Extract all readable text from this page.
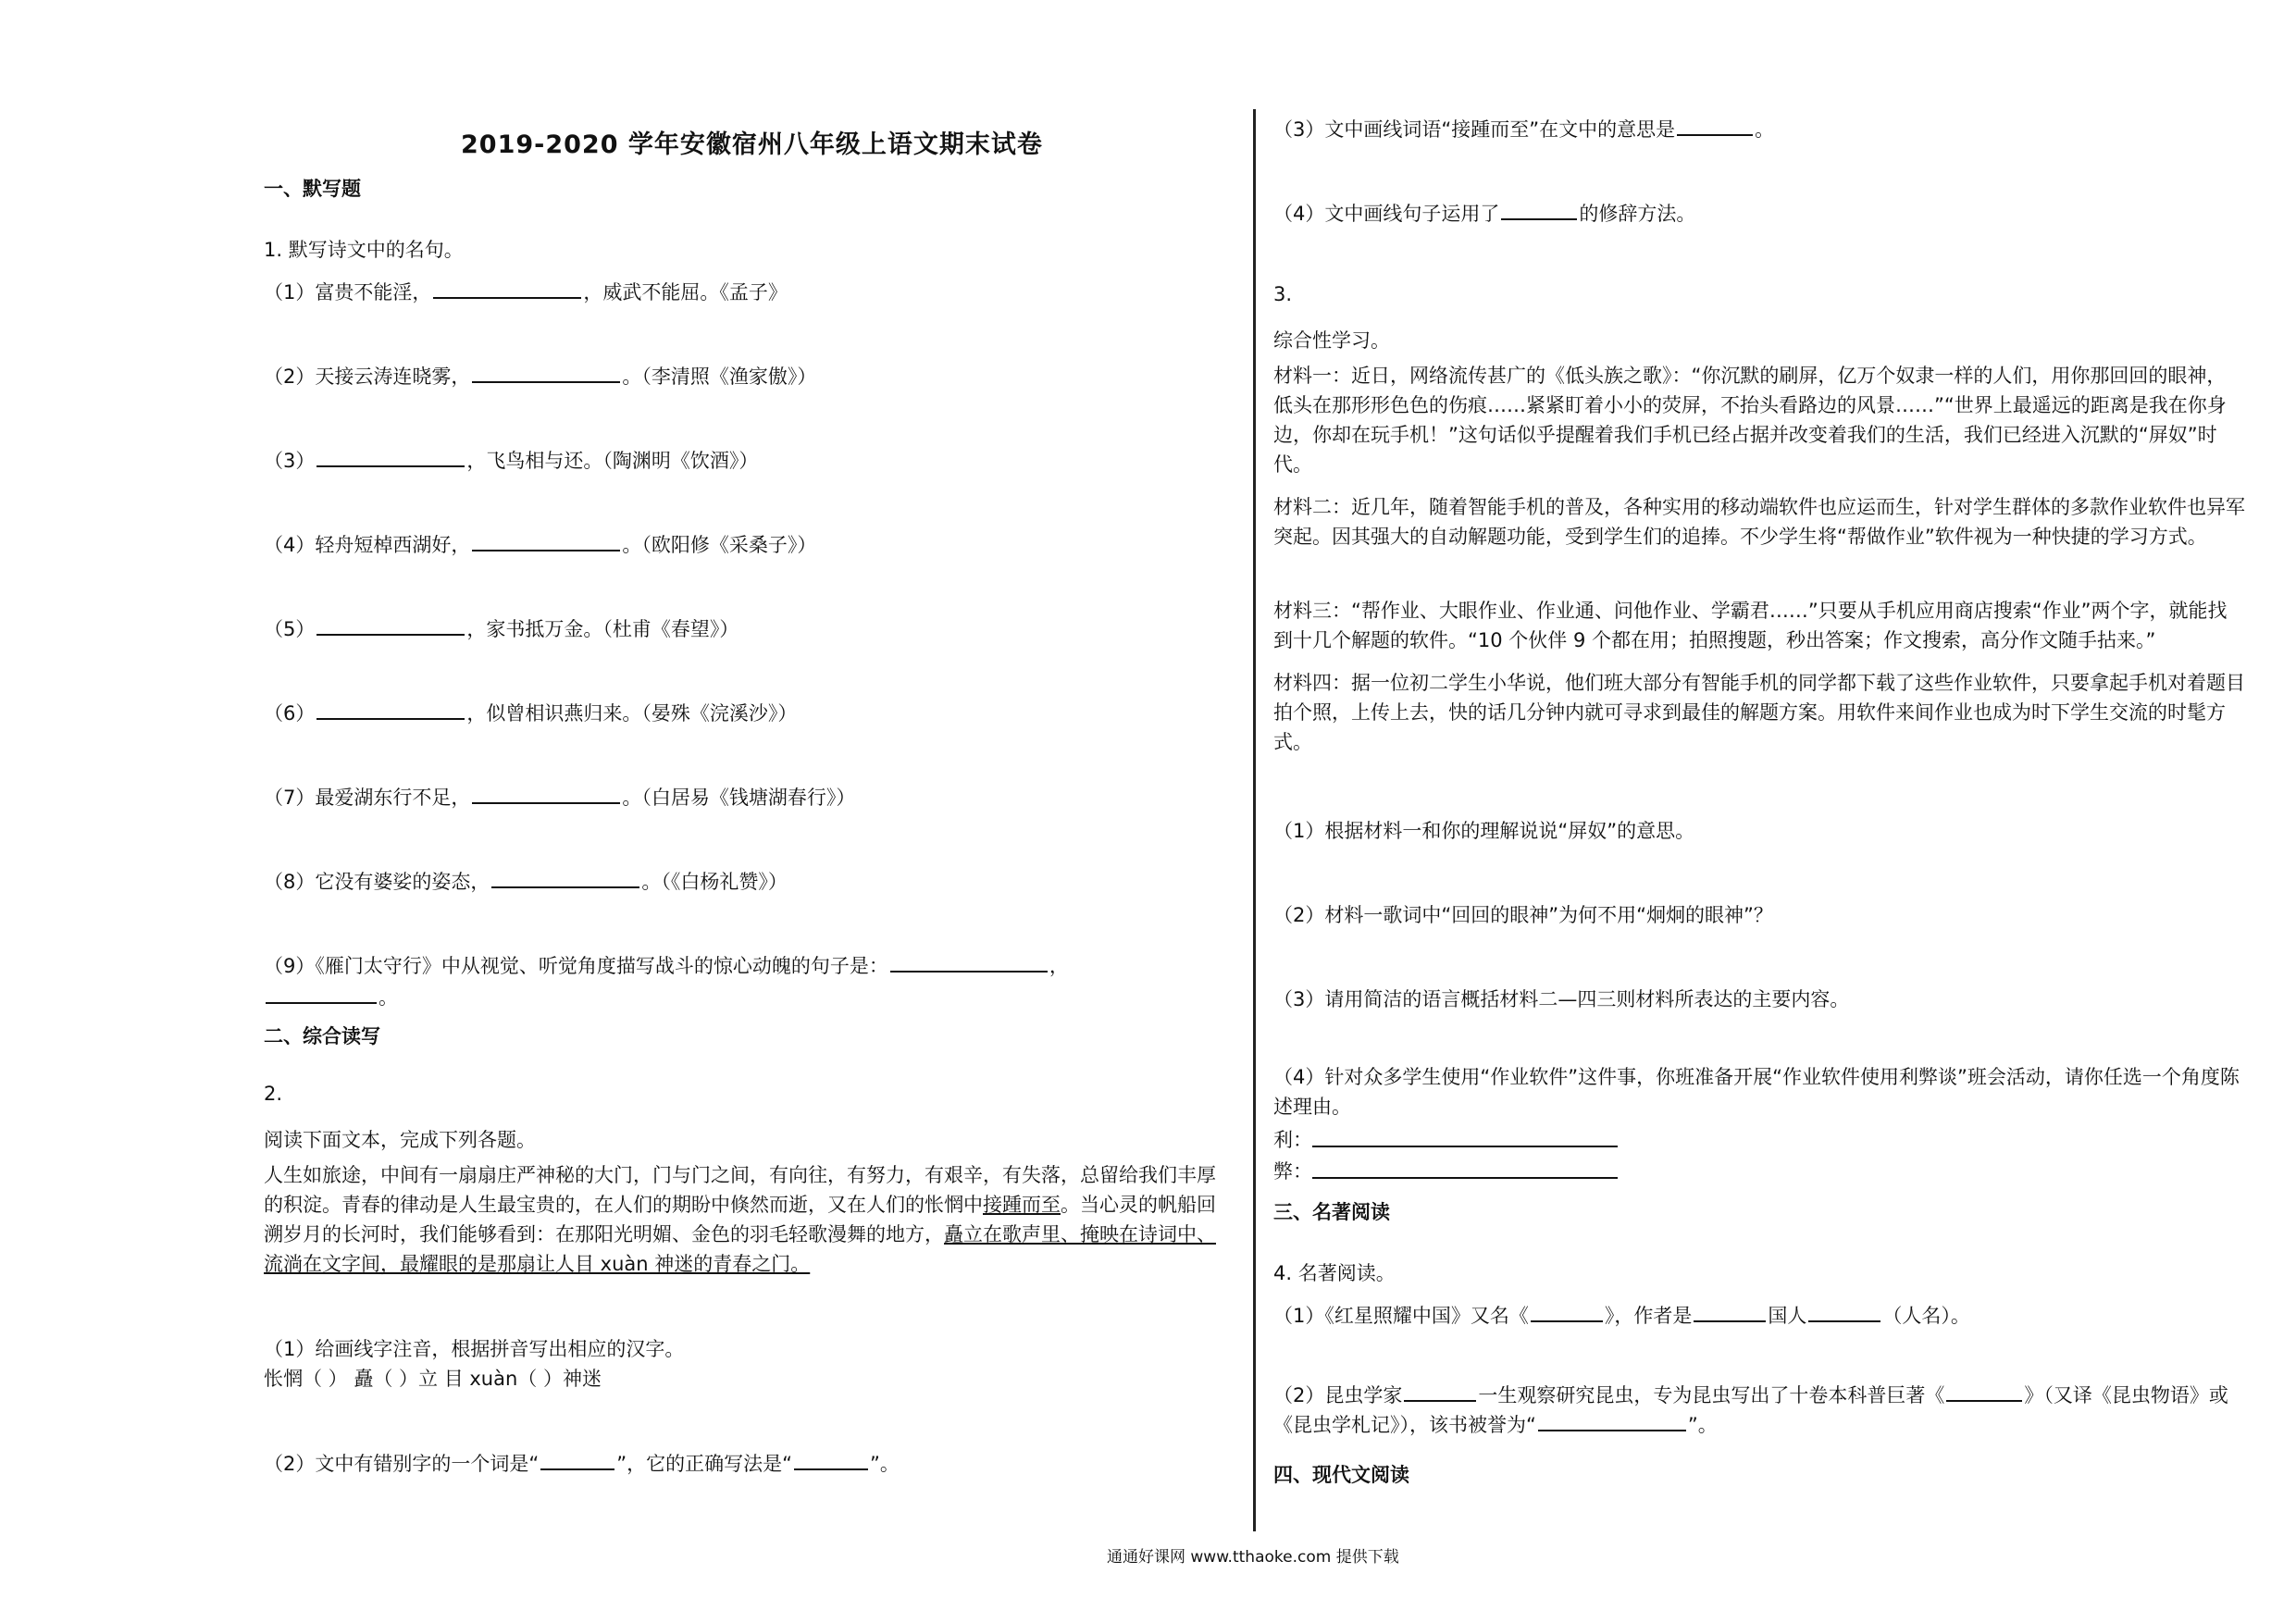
2019-2020 学年安徽宿州八年级上语文期末试卷
一、默写题
1. 默写诗文中的名句。
（1）富贵不能淫，	，威武不能屈。《孟子》
（2）天接云涛连晓雾，	。（李清照《渔家傲》）
（3）	，飞鸟相与还。（陶渊明《饮酒》）
（4）轻舟短棹西湖好，	。（欧阳修《采桑子》）
（5）	，家书抵万金。（杜甫《春望》）
（6）	，似曾相识燕归来。（晏殊《浣溪沙》）
（7）最爱湖东行不足，	。（白居易《钱塘湖春行》）
（8）它没有婆娑的姿态，	。（《白杨礼赞》）
（9）《雁门太守行》中从视觉、听觉角度描写战斗的惊心动魄的句子是：	，
。
二、综合读写
2.
阅读下面文本，完成下列各题。
人生如旅途，中间有一扇扇庄严神秘的大门，门与门之间，有向往，有努力，有艰辛，有失落，总留给我们丰厚的积淀。青春的律动是人生最宝贵的，在人们的期盼中倏然而逝，又在人们的怅惘中接踵而至。当心灵的帆船回溯岁月的长河时，我们能够看到：在那阳光明媚、金色的羽毛轻歌漫舞的地方，矗立在歌声里、掩映在诗词中、流淌在文字间，最耀眼的是那扇让人目 xuàn 神迷的青春之门。
（1）给画线字注音，根据拼音写出相应的汉字。
怅惘（ ） 矗（ ）立 目 xuàn（ ）神迷
（2）文中有错别字的一个词是“	”，它的正确写法是“	”。
（3）文中画线词语“接踵而至”在文中的意思是	。
（4）文中画线句子运用了	的修辞方法。
3.
综合性学习。
材料一：近日，网络流传甚广的《低头族之歌》：“你沉默的刷屏，亿万个奴隶一样的人们，用你那回回的眼神，低头在那形形色色的伤痕……紧紧盯着小小的荧屏，不抬头看路边的风景……”“世界上最遥远的距离是我在你身边，你却在玩手机！”这句话似乎提醒着我们手机已经占据并改变着我们的生活，我们已经进入沉默的“屏奴”时代。
材料二：近几年，随着智能手机的普及，各种实用的移动端软件也应运而生，针对学生群体的多款作业软件也异军突起。因其强大的自动解题功能，受到学生们的追捧。不少学生将“帮做作业”软件视为一种快捷的学习方式。
材料三：“帮作业、大眼作业、作业通、问他作业、学霸君……”只要从手机应用商店搜索“作业”两个字，就能找到十几个解题的软件。“10 个伙伴 9 个都在用；拍照搜题，秒出答案；作文搜索，高分作文随手拈来。”
材料四：据一位初二学生小华说，他们班大部分有智能手机的同学都下载了这些作业软件，只要拿起手机对着题目拍个照，上传上去，快的话几分钟内就可寻求到最佳的解题方案。用软件来间作业也成为时下学生交流的时髦方式。
（1）根据材料一和你的理解说说“屏奴”的意思。
（2）材料一歌词中“回回的眼神”为何不用“炯炯的眼神”？
（3）请用简洁的语言概括材料二—四三则材料所表达的主要内容。
（4）针对众多学生使用“作业软件”这件事，你班准备开展“作业软件使用利弊谈”班会活动，请你任选一个角度陈述理由。
利：
弊：
三、名著阅读
4. 名著阅读。
（1）《红星照耀中国》又名《	》，作者是	国人	（人名）。
（2）昆虫学家	一生观察研究昆虫，专为昆虫写出了十卷本科普巨著《	》（又译《昆虫物语》或《昆虫学札记》），该书被誉为“	”。
四、现代文阅读
通通好课网 www.tthaoke.com 提供下载
